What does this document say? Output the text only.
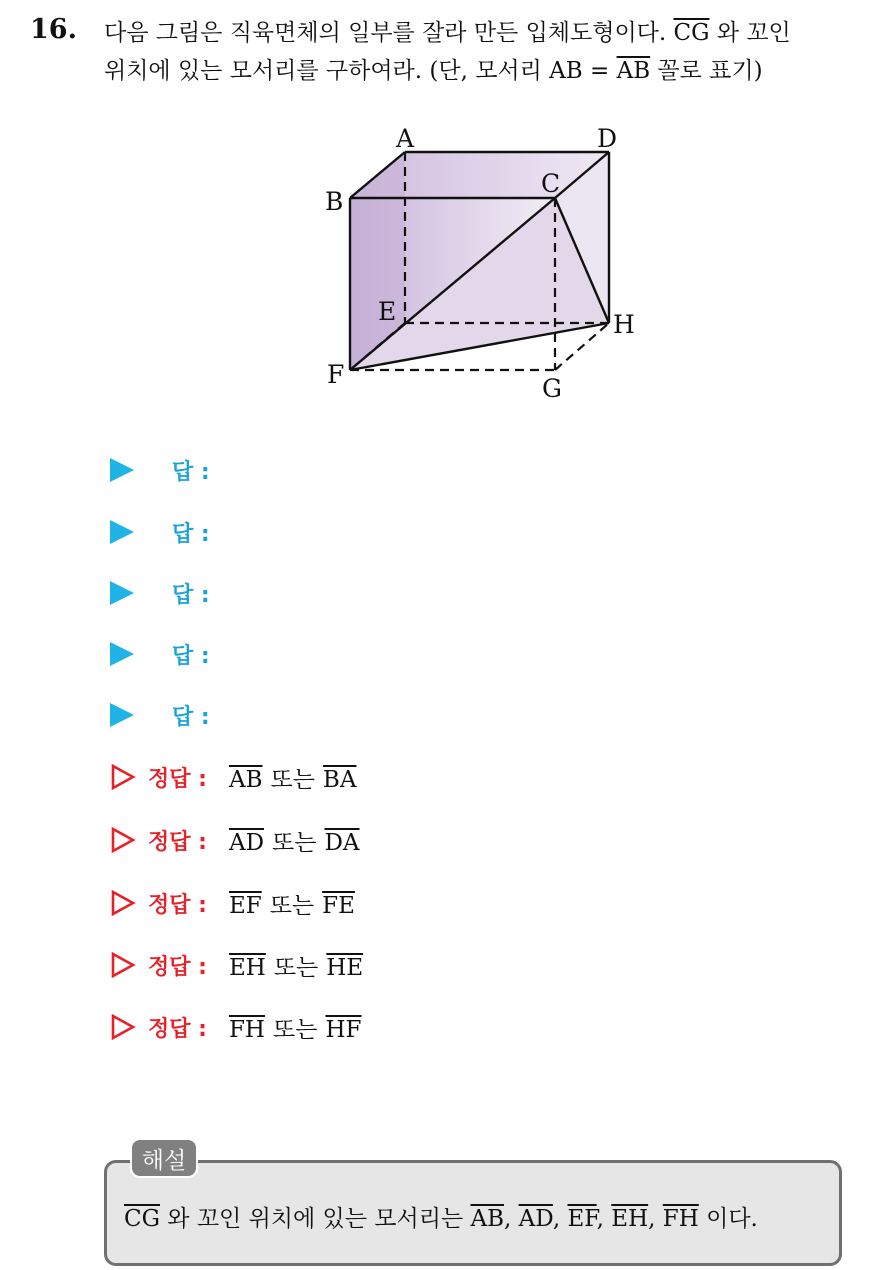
16. 다음 그림은 직육면체의 일부를 잘라 만든 입체도형이다. $\overline{CG}$ 와 꼬인
위치에 있는 모서리를 구하여라. (단, 모서리 AB = $\overline{AB}$ 꼴로 표기)
A	D
B
C
E	H
F	G
답 :
답 :
답 :
답 :
답 :
정답 : $\overline{AB}$ 또는 $\overline{BA}$
정답 : $\overline{AD}$ 또는 $\overline{DA}$
정답 : $\overline{EF}$ 또는 $\overline{FE}$
정답 : $\overline{EH}$ 또는 $\overline{HE}$
정답 : $\overline{FH}$ 또는 $\overline{HF}$
해설
$\overline{CG}$ 와 꼬인 위치에 있는 모서리는 $\overline{AB}$, $\overline{AD}$, $\overline{EF}$, $\overline{EH}$, $\overline{FH}$ 이다.
